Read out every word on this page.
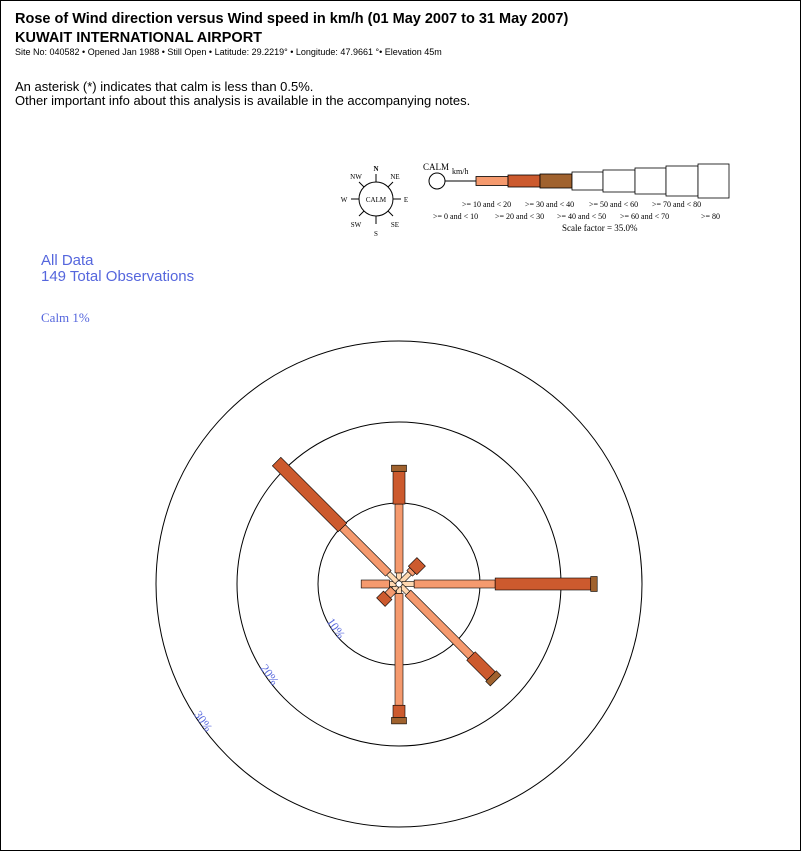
Rose of Wind direction versus Wind speed in km/h (01 May 2007 to 31 May 2007)
KUWAIT INTERNATIONAL AIRPORT
Site No: 040582 • Opened Jan 1988 • Still Open • Latitude: 29.2219° • Longitude: 47.9661 °• Elevation 45m
An asterisk (*) indicates that calm is less than 0.5%.
Other important info about this analysis is available in the accompanying notes.
All Data
149 Total Observations
Calm 1%
N
NE
E
SE
S
SW
W
NW
CALM
CALM km/h
>= 10 and < 20 >= 30 and < 40 >= 50 and < 60 >= 70 and < 80
>= 0 and < 10 >= 20 and < 30 >= 40 and < 50 >= 60 and < 70	>= 80
Scale factor = 35.0%
10%
20%
30%
